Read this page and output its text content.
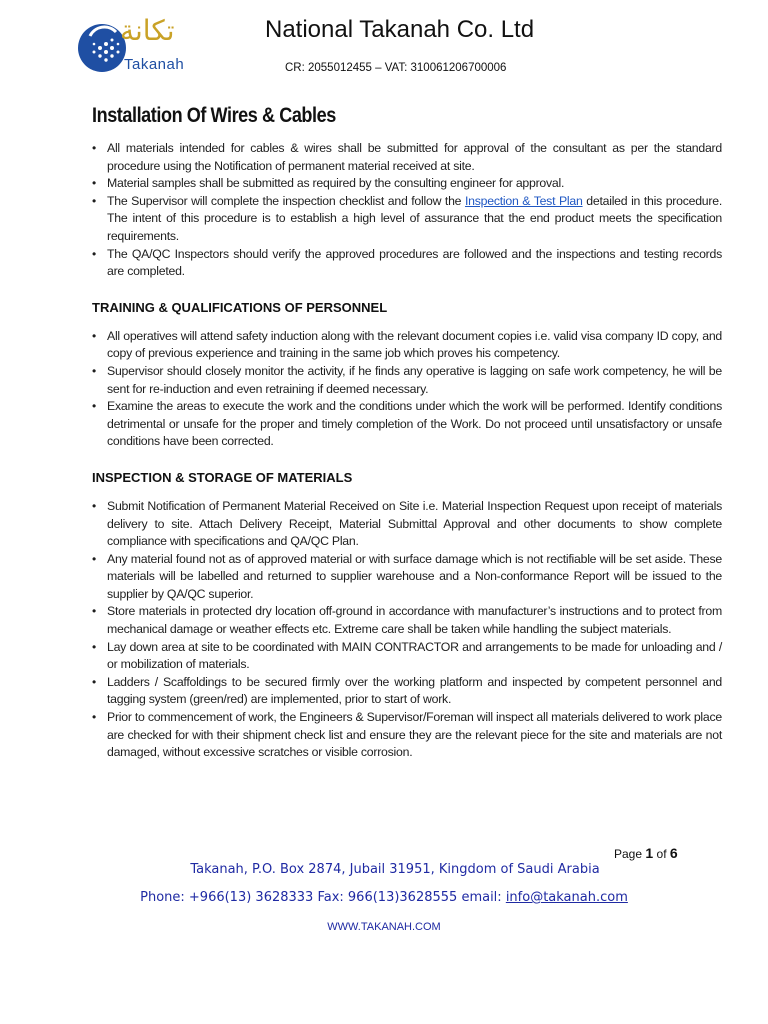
تكانة
Takanah
National Takanah Co. Ltd
CR: 2055012455 – VAT: 310061206700006
Installation Of Wires & Cables
• All materials intended for cables & wires shall be submitted for approval of the consultant as per the standard procedure using the Notification of permanent material received at site.
• Material samples shall be submitted as required by the consulting engineer for approval.
• The Supervisor will complete the inspection checklist and follow the Inspection & Test Plan detailed in this procedure. The intent of this procedure is to establish a high level of assurance that the end product meets the specification requirements.
• The QA/QC Inspectors should verify the approved procedures are followed and the inspections and testing records are completed.
TRAINING & QUALIFICATIONS OF PERSONNEL
• All operatives will attend safety induction along with the relevant document copies i.e. valid visa company ID copy, and copy of previous experience and training in the same job which proves his competency.
• Supervisor should closely monitor the activity, if he finds any operative is lagging on safe work competency, he will be sent for re-induction and even retraining if deemed necessary.
• Examine the areas to execute the work and the conditions under which the work will be performed. Identify conditions detrimental or unsafe for the proper and timely completion of the Work. Do not proceed until unsatisfactory or unsafe conditions have been corrected.
INSPECTION & STORAGE OF MATERIALS
• Submit Notification of Permanent Material Received on Site i.e. Material Inspection Request upon receipt of materials delivery to site. Attach Delivery Receipt, Material Submittal Approval and other documents to show complete compliance with specifications and QA/QC Plan.
• Any material found not as of approved material or with surface damage which is not rectifiable will be set aside. These materials will be labelled and returned to supplier warehouse and a Non-conformance Report will be issued to the supplier by QA/QC superior.
• Store materials in protected dry location off-ground in accordance with manufacturer’s instructions and to protect from mechanical damage or weather effects etc. Extreme care shall be taken while handling the subject materials.
• Lay down area at site to be coordinated with MAIN CONTRACTOR and arrangements to be made for unloading and / or mobilization of materials.
• Ladders / Scaffoldings to be secured firmly over the working platform and inspected by competent personnel and tagging system (green/red) are implemented, prior to start of work.
• Prior to commencement of work, the Engineers & Supervisor/Foreman will inspect all materials delivered to work place are checked for with their shipment check list and ensure they are the relevant piece for the site and materials are not damaged, without excessive scratches or visible corrosion.
Page 1 of 6
Takanah, P.O. Box 2874, Jubail 31951, Kingdom of Saudi Arabia
Phone: +966(13) 3628333 Fax: 966(13)3628555 email: info@takanah.com
WWW.TAKANAH.COM
